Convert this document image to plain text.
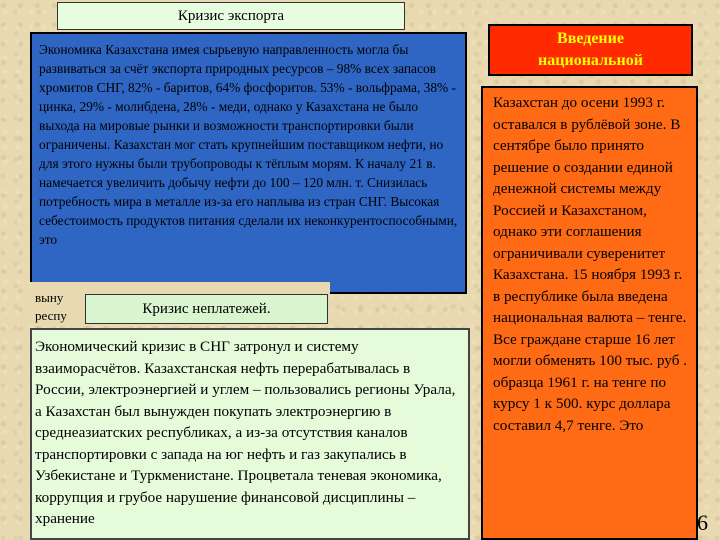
Кризис экспорта

Экономика Казахстана имея сырьевую направленность могла бы развиваться за счёт экспорта природных ресурсов – 98% всех запасов хромитов СНГ, 82% - баритов, 64% фосфоритов. 53% - вольфрама, 38% - цинка, 29% - молибдена, 28% - меди, однако у Казахстана не было выхода на мировые рынки и возможности транспортировки были ограничены. Казахстан мог стать крупнейшим поставщиком нефти, но для этого нужны были трубопроводы к тёплым морям. К началу 21 в. намечается увеличить добычу нефти до 100 – 120 млн. т. Снизилась потребность мира в металле из-за его наплыва из стран СНГ. Высокая себестоимость продуктов питания сделали их неконкурентоспособными, это

выну
респу	Кризис неплатежей.

Экономический кризис в СНГ затронул и систему взаиморасчётов. Казахстанская нефть перерабатывалась в России, электроэнергией и углем – пользовались регионы Урала, а Казахстан был вынужден покупать электроэнергию в среднеазиатских республиках, а из-за отсутствия каналов транспортировки с запада на юг нефть и газ закупались в Узбекистане и Туркменистане. Процветала теневая экономика, коррупция и грубое нарушение финансовой дисциплины – хранение

Введение
национальной

Казахстан до осени 1993 г. оставался в рублёвой зоне. В сентябре было принято решение о создании единой денежной системы между Россией и Казахстаном, однако эти соглашения ограничивали суверенитет Казахстана. 15 ноября 1993 г. в республике была введена национальная валюта – тенге. Все граждане старше 16 лет могли обменять 100 тыс. руб . образца 1961 г. на тенге по курсу 1 к 500. курс доллара составил 4,7 тенге. Это

6
